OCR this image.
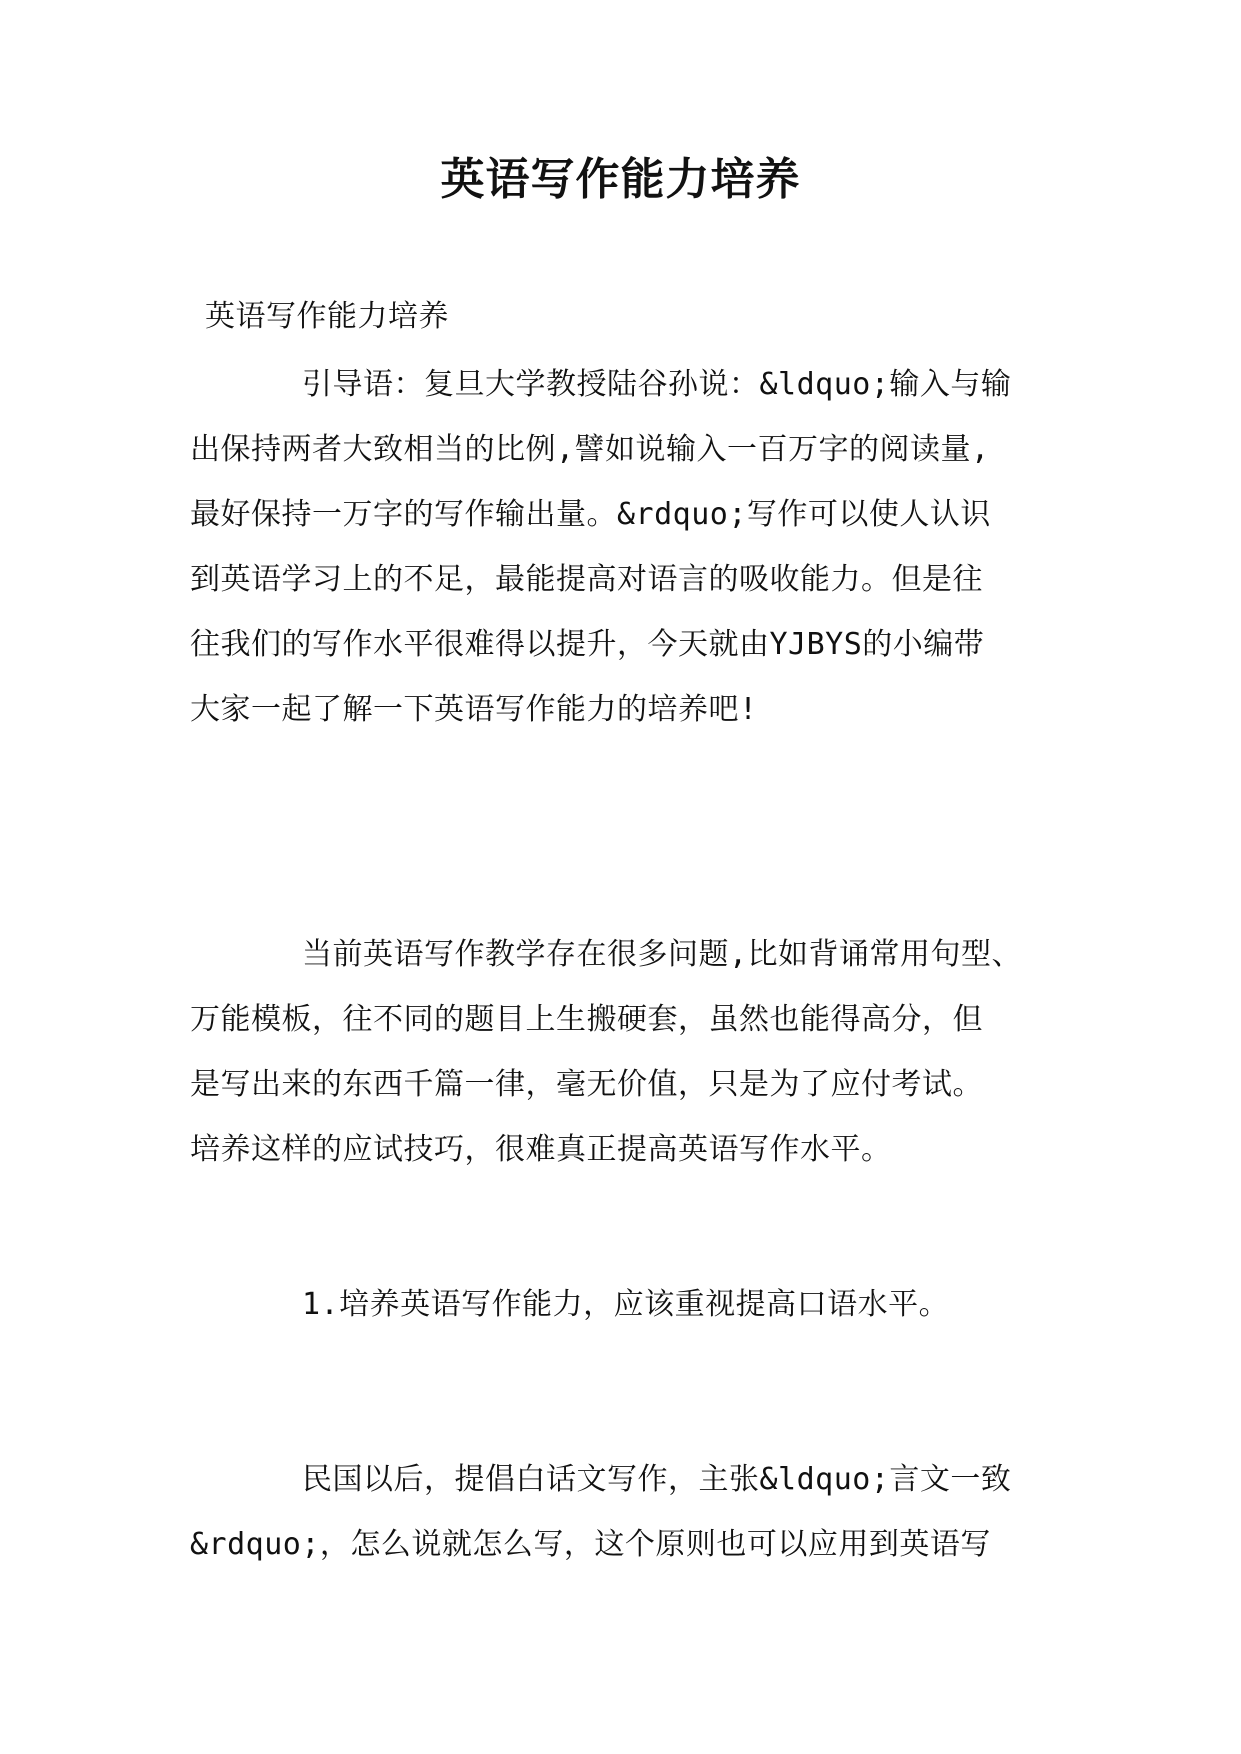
英语写作能力培养
英语写作能力培养
引导语：复旦大学教授陆谷孙说：&ldquo;输入与输
出保持两者大致相当的比例,譬如说输入一百万字的阅读量,
最好保持一万字的写作输出量。&rdquo;写作可以使人认识
到英语学习上的不足，最能提高对语言的吸收能力。但是往
往我们的写作水平很难得以提升，今天就由YJBYS的小编带
大家一起了解一下英语写作能力的培养吧!
当前英语写作教学存在很多问题,比如背诵常用句型、
万能模板，往不同的题目上生搬硬套，虽然也能得高分，但
是写出来的东西千篇一律，毫无价值，只是为了应付考试。
培养这样的应试技巧，很难真正提高英语写作水平。
1.培养英语写作能力，应该重视提高口语水平。
民国以后，提倡白话文写作，主张&ldquo;言文一致
&rdquo;，怎么说就怎么写，这个原则也可以应用到英语写
